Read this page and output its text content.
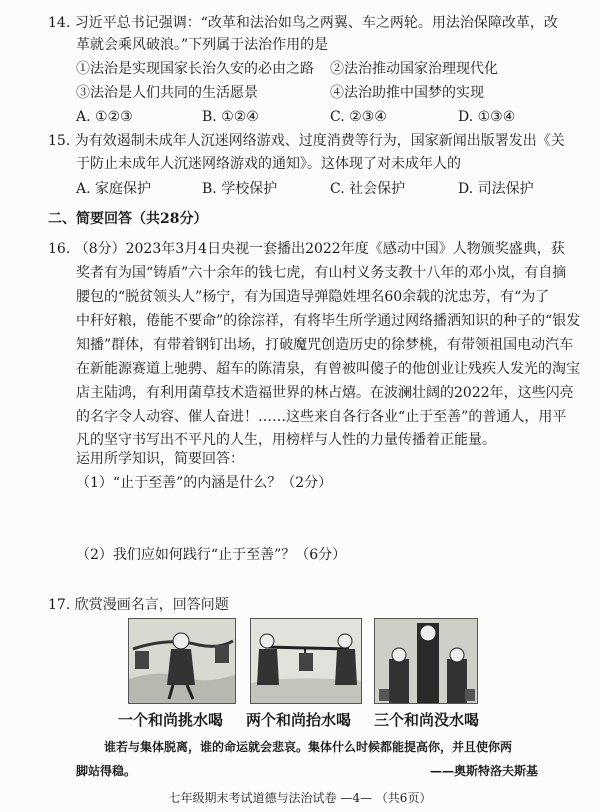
14. 习近平总书记强调：“改革和法治如鸟之两翼、车之两轮。用法治保障改革，改
革就会乘风破浪。”下列属于法治作用的是
①法治是实现国家长治久安的必由之路 ②法治推动国家治理现代化
③法治是人们共同的生活愿景	④法治助推中国梦的实现
A. ①②③	B. ①②④	C. ②③④	D. ①③④
15. 为有效遏制未成年人沉迷网络游戏、过度消费等行为，国家新闻出版署发出《关
于防止未成年人沉迷网络游戏的通知》。这体现了对未成年人的
A. 家庭保护	B. 学校保护	C. 社会保护	D. 司法保护
二、简要回答（共28分）
16. （8分）2023年3月4日央视一套播出2022年度《感动中国》人物颁奖盛典，获
奖者有为国“铸盾”六十余年的钱七虎，有山村义务支教十八年的邓小岚，有自摘
腰包的“脱贫领头人”杨宁，有为国造导弹隐姓埋名60余载的沈忠芳，有“为了
中秆好粮，倦能不要命”的徐淙祥，有将毕生所学通过网络播洒知识的种子的“银发
知播”群体，有带着钢钉出场，打破魔咒创造历史的徐梦桃，有带领祖国电动汽车
在新能源赛道上驰骋、超车的陈清泉，有曾被叫傻子的他创业让残疾人发光的淘宝
店主陆鸿，有利用菌草技术造福世界的林占熺。在波澜壮阔的2022年，这些闪亮
的名字令人动容、催人奋进！……这些来自各行各业“止于至善”的普通人，用平
凡的坚守书写出不平凡的人生，用榜样与人性的力量传播着正能量。
运用所学知识，简要回答：
（1）“止于至善”的内涵是什么？（2分）
（2）我们应如何践行“止于至善”？（6分）
17. 欣赏漫画名言，回答问题
一个和尚挑水喝 两个和尚抬水喝 三个和尚没水喝
谁若与集体脱离，谁的命运就会悲哀。集体什么时候都能提高你，并且使你两
脚站得稳。	——奥斯特洛夫斯基
七年级期末考试道德与法治试卷 —4— （共6页）
